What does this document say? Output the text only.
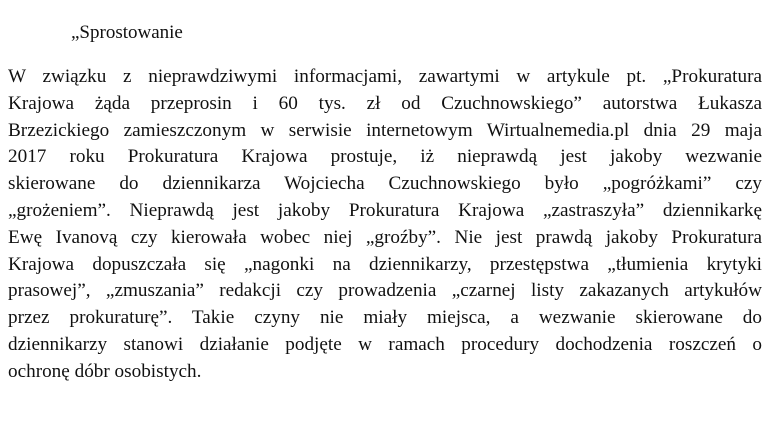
„Sprostowanie
W związku z nieprawdziwymi informacjami, zawartymi w artykule pt. „Prokuratura
Krajowa żąda przeprosin i 60 tys. zł od Czuchnowskiego” autorstwa Łukasza
Brzezickiego zamieszczonym w serwisie internetowym Wirtualnemedia.pl dnia 29 maja
2017 roku Prokuratura Krajowa prostuje, iż nieprawdą jest jakoby wezwanie
skierowane do dziennikarza Wojciecha Czuchnowskiego było „pogróżkami” czy
„grożeniem”. Nieprawdą jest jakoby Prokuratura Krajowa „zastraszyła” dziennikarkę
Ewę Ivanovą czy kierowała wobec niej „groźby”. Nie jest prawdą jakoby Prokuratura
Krajowa dopuszczała się „nagonki na dziennikarzy, przestępstwa „tłumienia krytyki
prasowej”, „zmuszania” redakcji czy prowadzenia „czarnej listy zakazanych artykułów
przez prokuraturę”. Takie czyny nie miały miejsca, a wezwanie skierowane do
dziennikarzy stanowi działanie podjęte w ramach procedury dochodzenia roszczeń o
ochronę dóbr osobistych.
